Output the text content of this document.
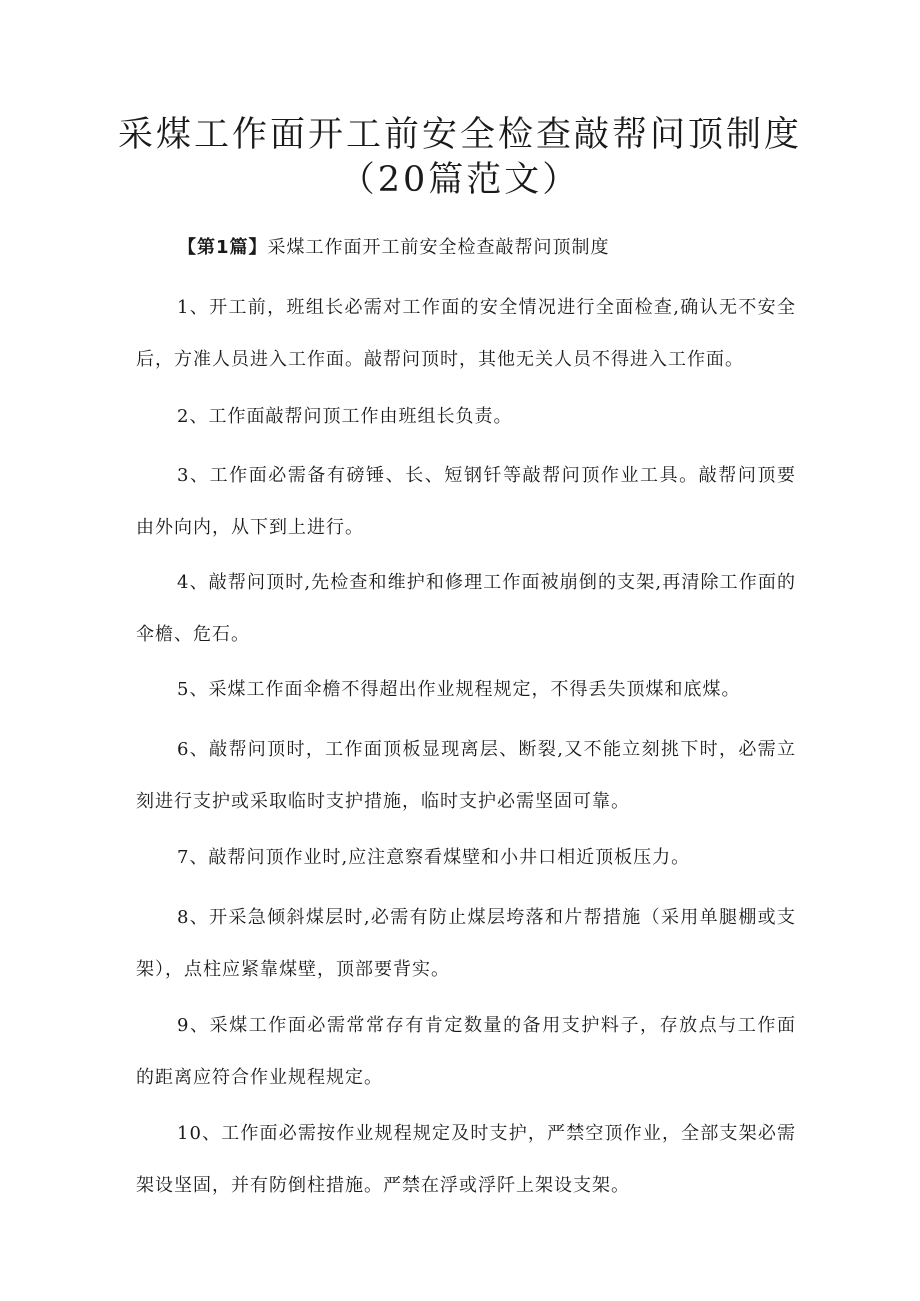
采煤工作面开工前安全检查敲帮问顶制度
（20篇范文）
【第1篇】采煤工作面开工前安全检查敲帮问顶制度

1、开工前，班组长必需对工作面的安全情况进行全面检查,确认无不安全后，方准人员进入工作面。敲帮问顶时，其他无关人员不得进入工作面。

2、工作面敲帮问顶工作由班组长负责。

3、工作面必需备有磅锤、长、短钢钎等敲帮问顶作业工具。敲帮问顶要由外向内，从下到上进行。

4、敲帮问顶时,先检查和维护和修理工作面被崩倒的支架,再清除工作面的伞檐、危石。

5、采煤工作面伞檐不得超出作业规程规定，不得丢失顶煤和底煤。

6、敲帮问顶时，工作面顶板显现离层、断裂,又不能立刻挑下时，必需立刻进行支护或采取临时支护措施，临时支护必需坚固可靠。

7、敲帮问顶作业时,应注意察看煤壁和小井口相近顶板压力。

8、开采急倾斜煤层时,必需有防止煤层垮落和片帮措施（采用单腿棚或支架），点柱应紧靠煤壁，顶部要背实。

9、采煤工作面必需常常存有肯定数量的备用支护料子，存放点与工作面的距离应符合作业规程规定。

10、工作面必需按作业规程规定及时支护，严禁空顶作业，全部支架必需架设坚固，并有防倒柱措施。严禁在浮或浮阡上架设支架。
